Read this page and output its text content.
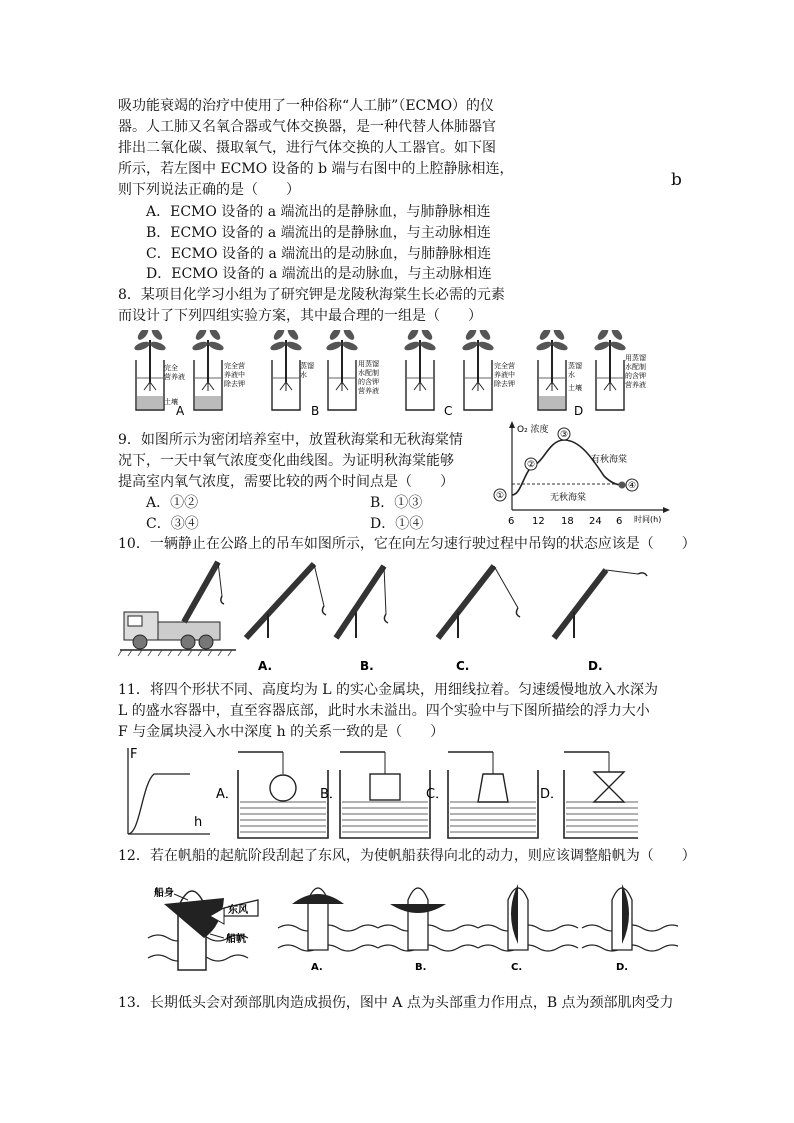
吸功能衰竭的治疗中使用了一种俗称“人工肺”（ECMO）的仪
器。人工肺又名氧合器或气体交换器，是一种代替人体肺器官
排出二氧化碳、摄取氧气，进行气体交换的人工器官。如下图
所示，若左图中 ECMO 设备的 b 端与右图中的上腔静脉相连，
则下列说法正确的是（　　）	b
A．ECMO 设备的 a 端流出的是静脉血，与肺静脉相连
B．ECMO 设备的 a 端流出的是静脉血，与主动脉相连
C．ECMO 设备的 a 端流出的是动脉血，与肺静脉相连
D．ECMO 设备的 a 端流出的是动脉血，与主动脉相连
8．某项目化学习小组为了研究钾是龙陵秋海棠生长必需的元素
而设计了下列四组实验方案，其中最合理的一组是（　　）
完全
营养液
土壤
完全营
养液中
除去钾
A
蒸馏
水
用蒸馏
水配制
的含钾
营养液
B
完全营
养液中
除去钾
C
蒸馏
水
土壤
用蒸馏
水配制
的含钾
营养液
D
9．如图所示为密闭培养室中，放置秋海棠和无秋海棠情
况下，一天中氧气浓度变化曲线图。为证明秋海棠能够
提高室内氧气浓度，需要比较的两个时间点是（　　）
A．①②	B．①③
C．③④	D．①④
O₂ 浓度
时间(h)
6 12 18 24 6
有秋海棠
无秋海棠
①
②
③
④
10．一辆静止在公路上的吊车如图所示，它在向左匀速行驶过程中吊钩的状态应该是（　　）
A.	B.	C.	D.
11．将四个形状不同、高度均为 L 的实心金属块，用细线拉着。匀速缓慢地放入水深为
L 的盛水容器中，直至容器底部，此时水未溢出。四个实验中与下图所描绘的浮力大小
F 与金属块浸入水中深度 h 的关系一致的是（　　）
F
h
A．	B．	C．	D．
12．若在帆船的起航阶段刮起了东风，为使帆船获得向北的动力，则应该调整船帆为（　　）
东风
船身
船帆
A.	B.	C.	D.
13．长期低头会对颈部肌肉造成损伤，图中 A 点为头部重力作用点，B 点为颈部肌肉受力
